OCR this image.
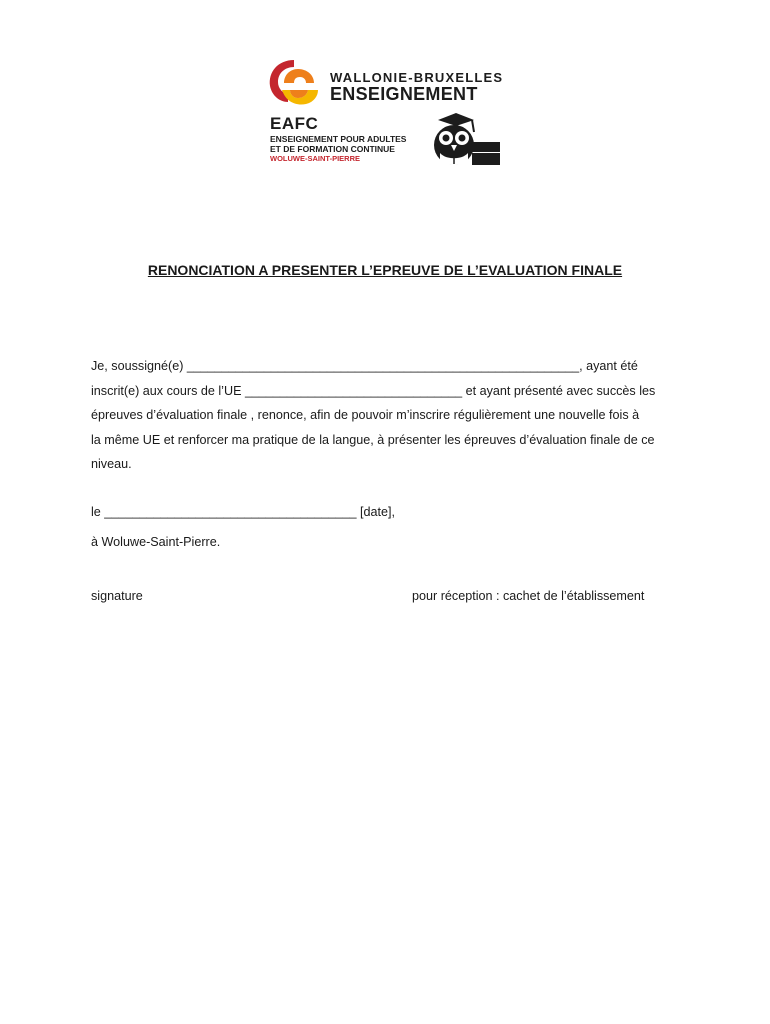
WALLONIE-BRUXELLES
ENSEIGNEMENT
EAFC
ENSEIGNEMENT POUR ADULTES
ET DE FORMATION CONTINUE
WOLUWE-SAINT-PIERRE
RENONCIATION A PRESENTER L’EPREUVE DE L’EVALUATION FINALE

Je, soussigné(e) ________________________________________________________, ayant été

inscrit(e) aux cours de l’UE _______________________________ et ayant présenté avec succès les

épreuves d’évaluation finale , renonce, afin de pouvoir m’inscrire régulièrement une nouvelle fois à

la même UE et renforcer ma pratique de la langue, à présenter les épreuves d’évaluation finale de ce

niveau.

le ____________________________________ [date],
à Woluwe-Saint-Pierre.
signature	pour réception : cachet de l’établissement
